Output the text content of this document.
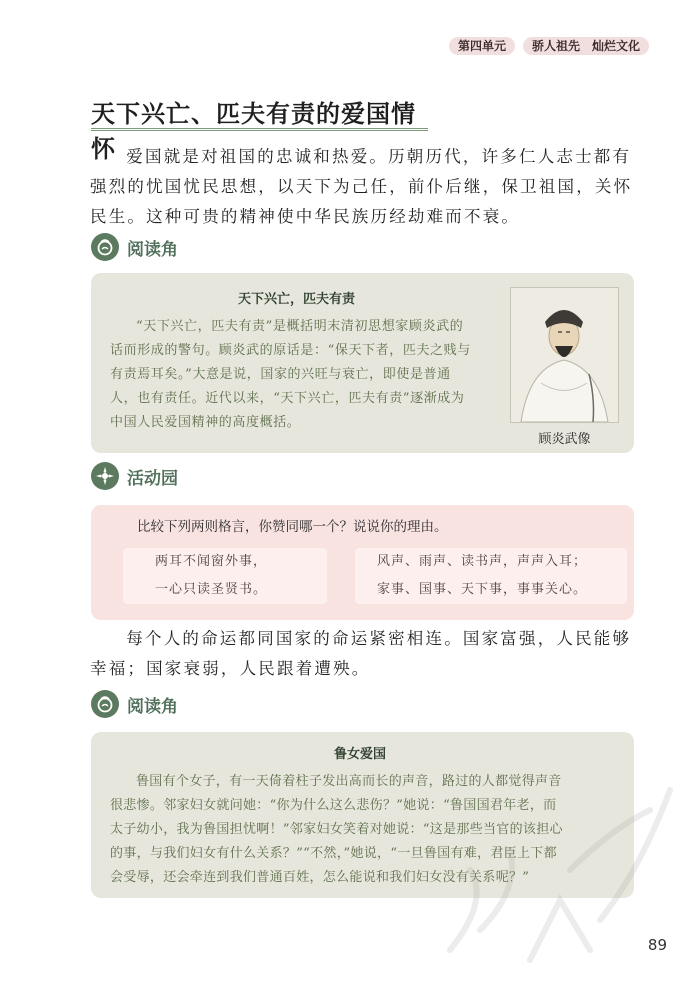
第四单元	骄人祖先　灿烂文化
天下兴亡、匹夫有责的爱国情怀 爱国就是对祖国的忠诚和热爱。历朝历代，许多仁人志士都有
强烈的忧国忧民思想，以天下为己任，前仆后继，保卫祖国，关怀
民生。这种可贵的精神使中华民族历经劫难而不衰。
阅读角
天下兴亡，匹夫有责
“天下兴亡，匹夫有责”是概括明末清初思想家顾炎武的
话而形成的警句。顾炎武的原话是：“保天下者，匹夫之贱与
有责焉耳矣。”大意是说，国家的兴旺与衰亡，即使是普通
人，也有责任。近代以来，“天下兴亡，匹夫有责”逐渐成为
中国人民爱国精神的高度概括。
顾炎武像
活动园
比较下列两则格言，你赞同哪一个？说说你的理由。
两耳不闻窗外事，
一心只读圣贤书。
风声、雨声、读书声，声声入耳；
家事、国事、天下事，事事关心。
每个人的命运都同国家的命运紧密相连。国家富强，人民能够
幸福；国家衰弱，人民跟着遭殃。
阅读角
鲁女爱国
鲁国有个女子，有一天倚着柱子发出高而长的声音，路过的人都觉得声音
很悲惨。邻家妇女就问她：“你为什么这么悲伤？”她说：“鲁国国君年老，而
太子幼小，我为鲁国担忧啊！”邻家妇女笑着对她说：“这是那些当官的该担心
的事，与我们妇女有什么关系？”“不然，”她说，“一旦鲁国有难，君臣上下都
会受辱，还会牵连到我们普通百姓，怎么能说和我们妇女没有关系呢？”
89
